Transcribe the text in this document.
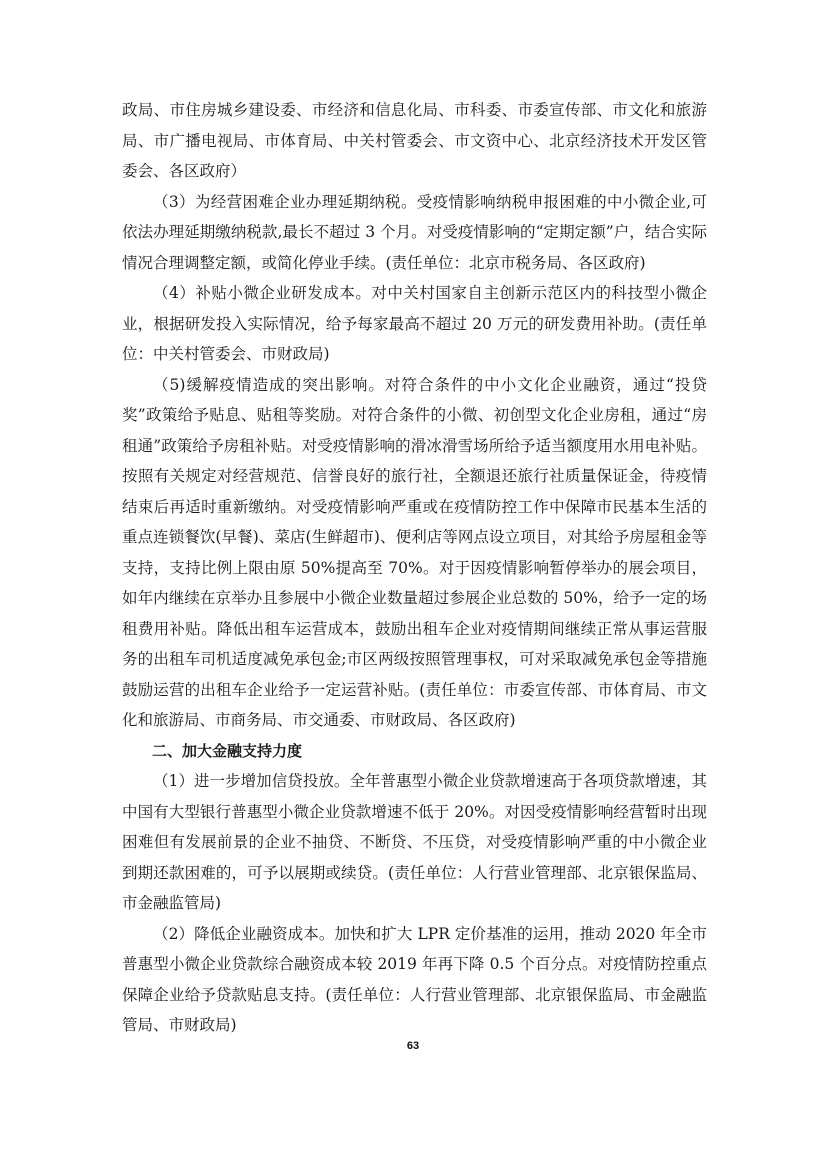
政局、市住房城乡建设委、市经济和信息化局、市科委、市委宣传部、市文化和旅游局、市广播电视局、市体育局、中关村管委会、市文资中心、北京经济技术开发区管委会、各区政府）

（3）为经营困难企业办理延期纳税。受疫情影响纳税申报困难的中小微企业,可依法办理延期缴纳税款,最长不超过 3 个月。对受疫情影响的“定期定额”户，结合实际情况合理调整定额，或简化停业手续。(责任单位：北京市税务局、各区政府)

（4）补贴小微企业研发成本。对中关村国家自主创新示范区内的科技型小微企业，根据研发投入实际情况，给予每家最高不超过 20 万元的研发费用补助。(责任单位：中关村管委会、市财政局)

（5)缓解疫情造成的突出影响。对符合条件的中小文化企业融资，通过“投贷奖”政策给予贴息、贴租等奖励。对符合条件的小微、初创型文化企业房租，通过“房租通”政策给予房租补贴。对受疫情影响的滑冰滑雪场所给予适当额度用水用电补贴。按照有关规定对经营规范、信誉良好的旅行社，全额退还旅行社质量保证金，待疫情结束后再适时重新缴纳。对受疫情影响严重或在疫情防控工作中保障市民基本生活的重点连锁餐饮(早餐)、菜店(生鲜超市)、便利店等网点设立项目，对其给予房屋租金等支持，支持比例上限由原 50%提高至 70%。对于因疫情影响暂停举办的展会项目，如年内继续在京举办且参展中小微企业数量超过参展企业总数的 50%，给予一定的场租费用补贴。降低出租车运营成本，鼓励出租车企业对疫情期间继续正常从事运营服务的出租车司机适度减免承包金;市区两级按照管理事权，可对采取减免承包金等措施鼓励运营的出租车企业给予一定运营补贴。(责任单位：市委宣传部、市体育局、市文化和旅游局、市商务局、市交通委、市财政局、各区政府)

二、加大金融支持力度

（1）进一步增加信贷投放。全年普惠型小微企业贷款增速高于各项贷款增速，其中国有大型银行普惠型小微企业贷款增速不低于 20%。对因受疫情影响经营暂时出现困难但有发展前景的企业不抽贷、不断贷、不压贷，对受疫情影响严重的中小微企业到期还款困难的，可予以展期或续贷。(责任单位：人行营业管理部、北京银保监局、市金融监管局)

（2）降低企业融资成本。加快和扩大 LPR 定价基准的运用，推动 2020 年全市普惠型小微企业贷款综合融资成本较 2019 年再下降 0.5 个百分点。对疫情防控重点保障企业给予贷款贴息支持。(责任单位：人行营业管理部、北京银保监局、市金融监管局、市财政局)

63
